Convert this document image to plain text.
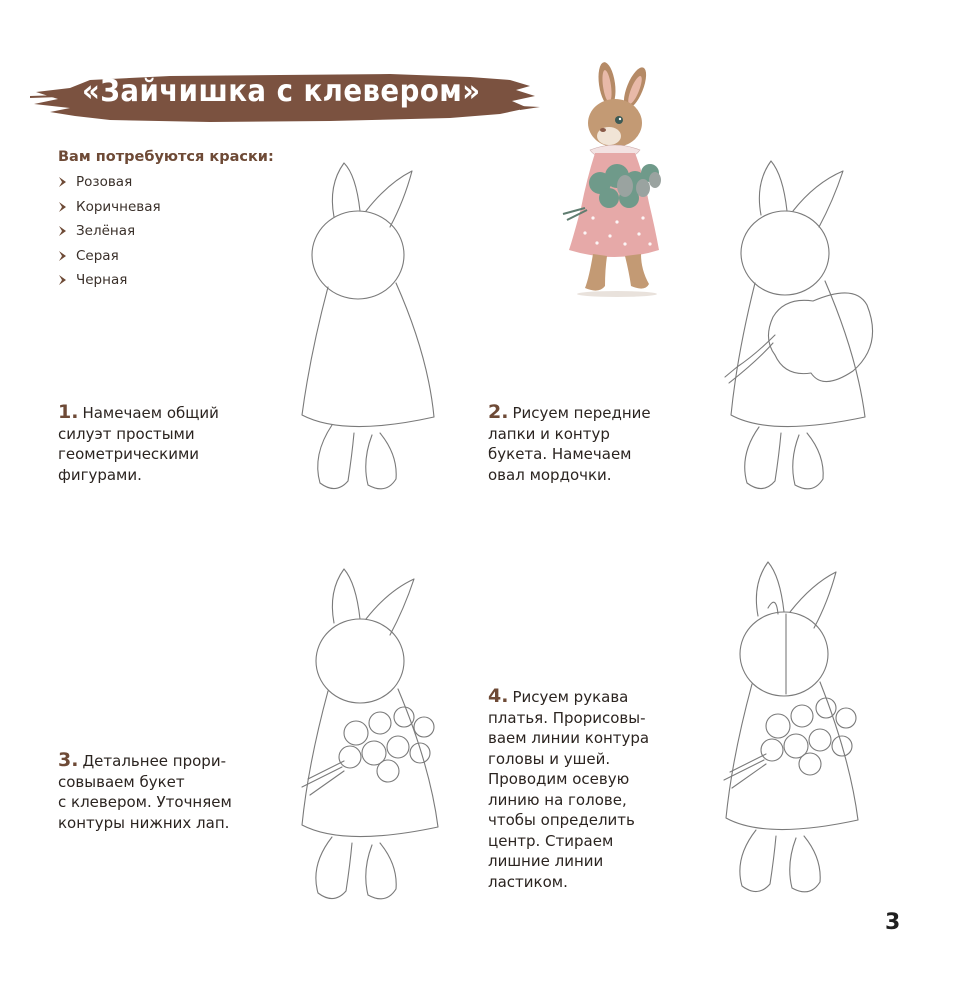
«Зайчишка с клевером»
Вам потребуются краски:
Розовая
Коричневая
Зелёная
Серая
Черная
1. Намечаем общий
силуэт простыми
геометрическими
фигурами.
2. Рисуем передние
лапки и контур
букета. Намечаем
овал мордочки.
3. Детальнее прори-
совываем букет
с клевером. Уточняем
контуры нижних лап.
4. Рисуем рукава
платья. Прорисовы-
ваем линии контура
головы и ушей.
Проводим осевую
линию на голове,
чтобы определить
центр. Стираем
лишние линии
ластиком.
3
